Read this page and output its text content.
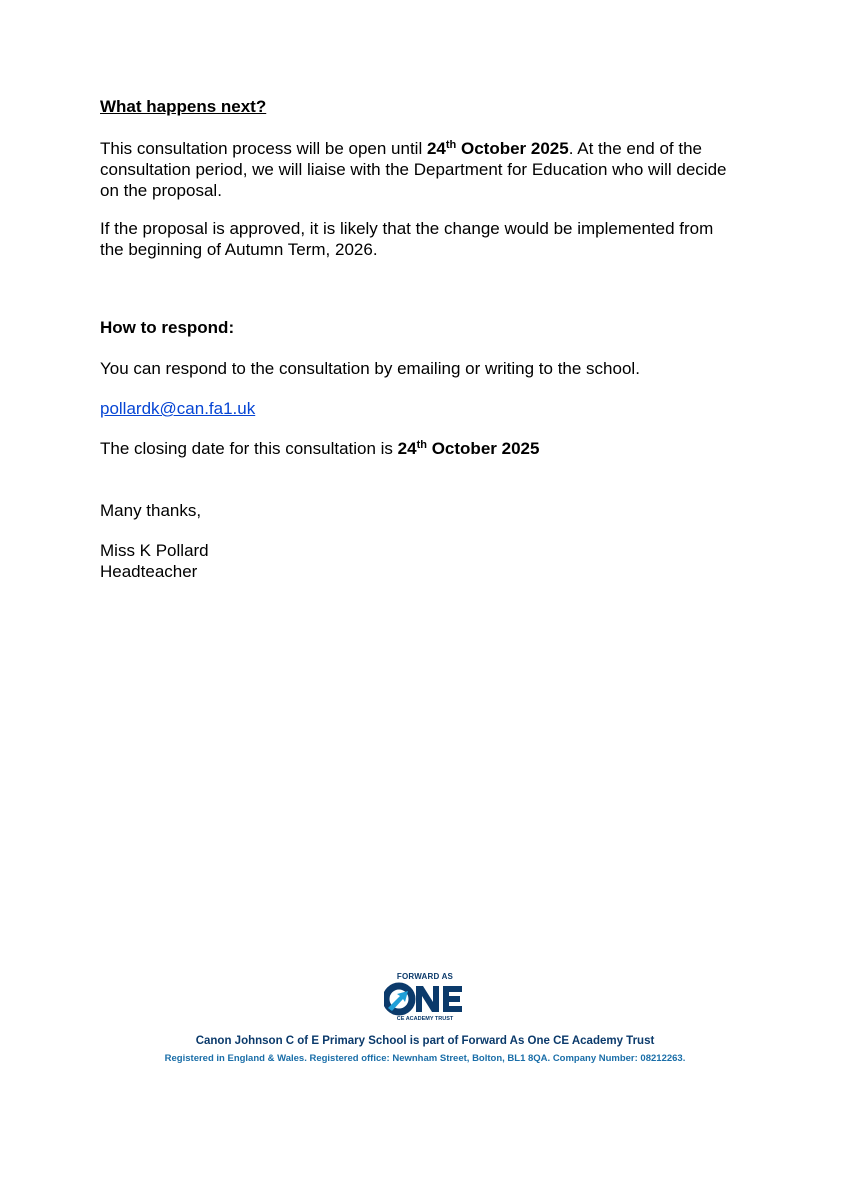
What happens next?
This consultation process will be open until 24th October 2025. At the end of the
consultation period, we will liaise with the Department for Education who will decide
on the proposal.
If the proposal is approved, it is likely that the change would be implemented from
the beginning of Autumn Term, 2026.
How to respond:
You can respond to the consultation by emailing or writing to the school.
pollardk@can.fa1.uk
The closing date for this consultation is 24th October 2025
Many thanks,
Miss K Pollard
Headteacher
FORWARD AS
CE ACADEMY TRUST
Canon Johnson C of E Primary School is part of Forward As One CE Academy Trust
Registered in England & Wales. Registered office: Newnham Street, Bolton, BL1 8QA. Company Number: 08212263.
